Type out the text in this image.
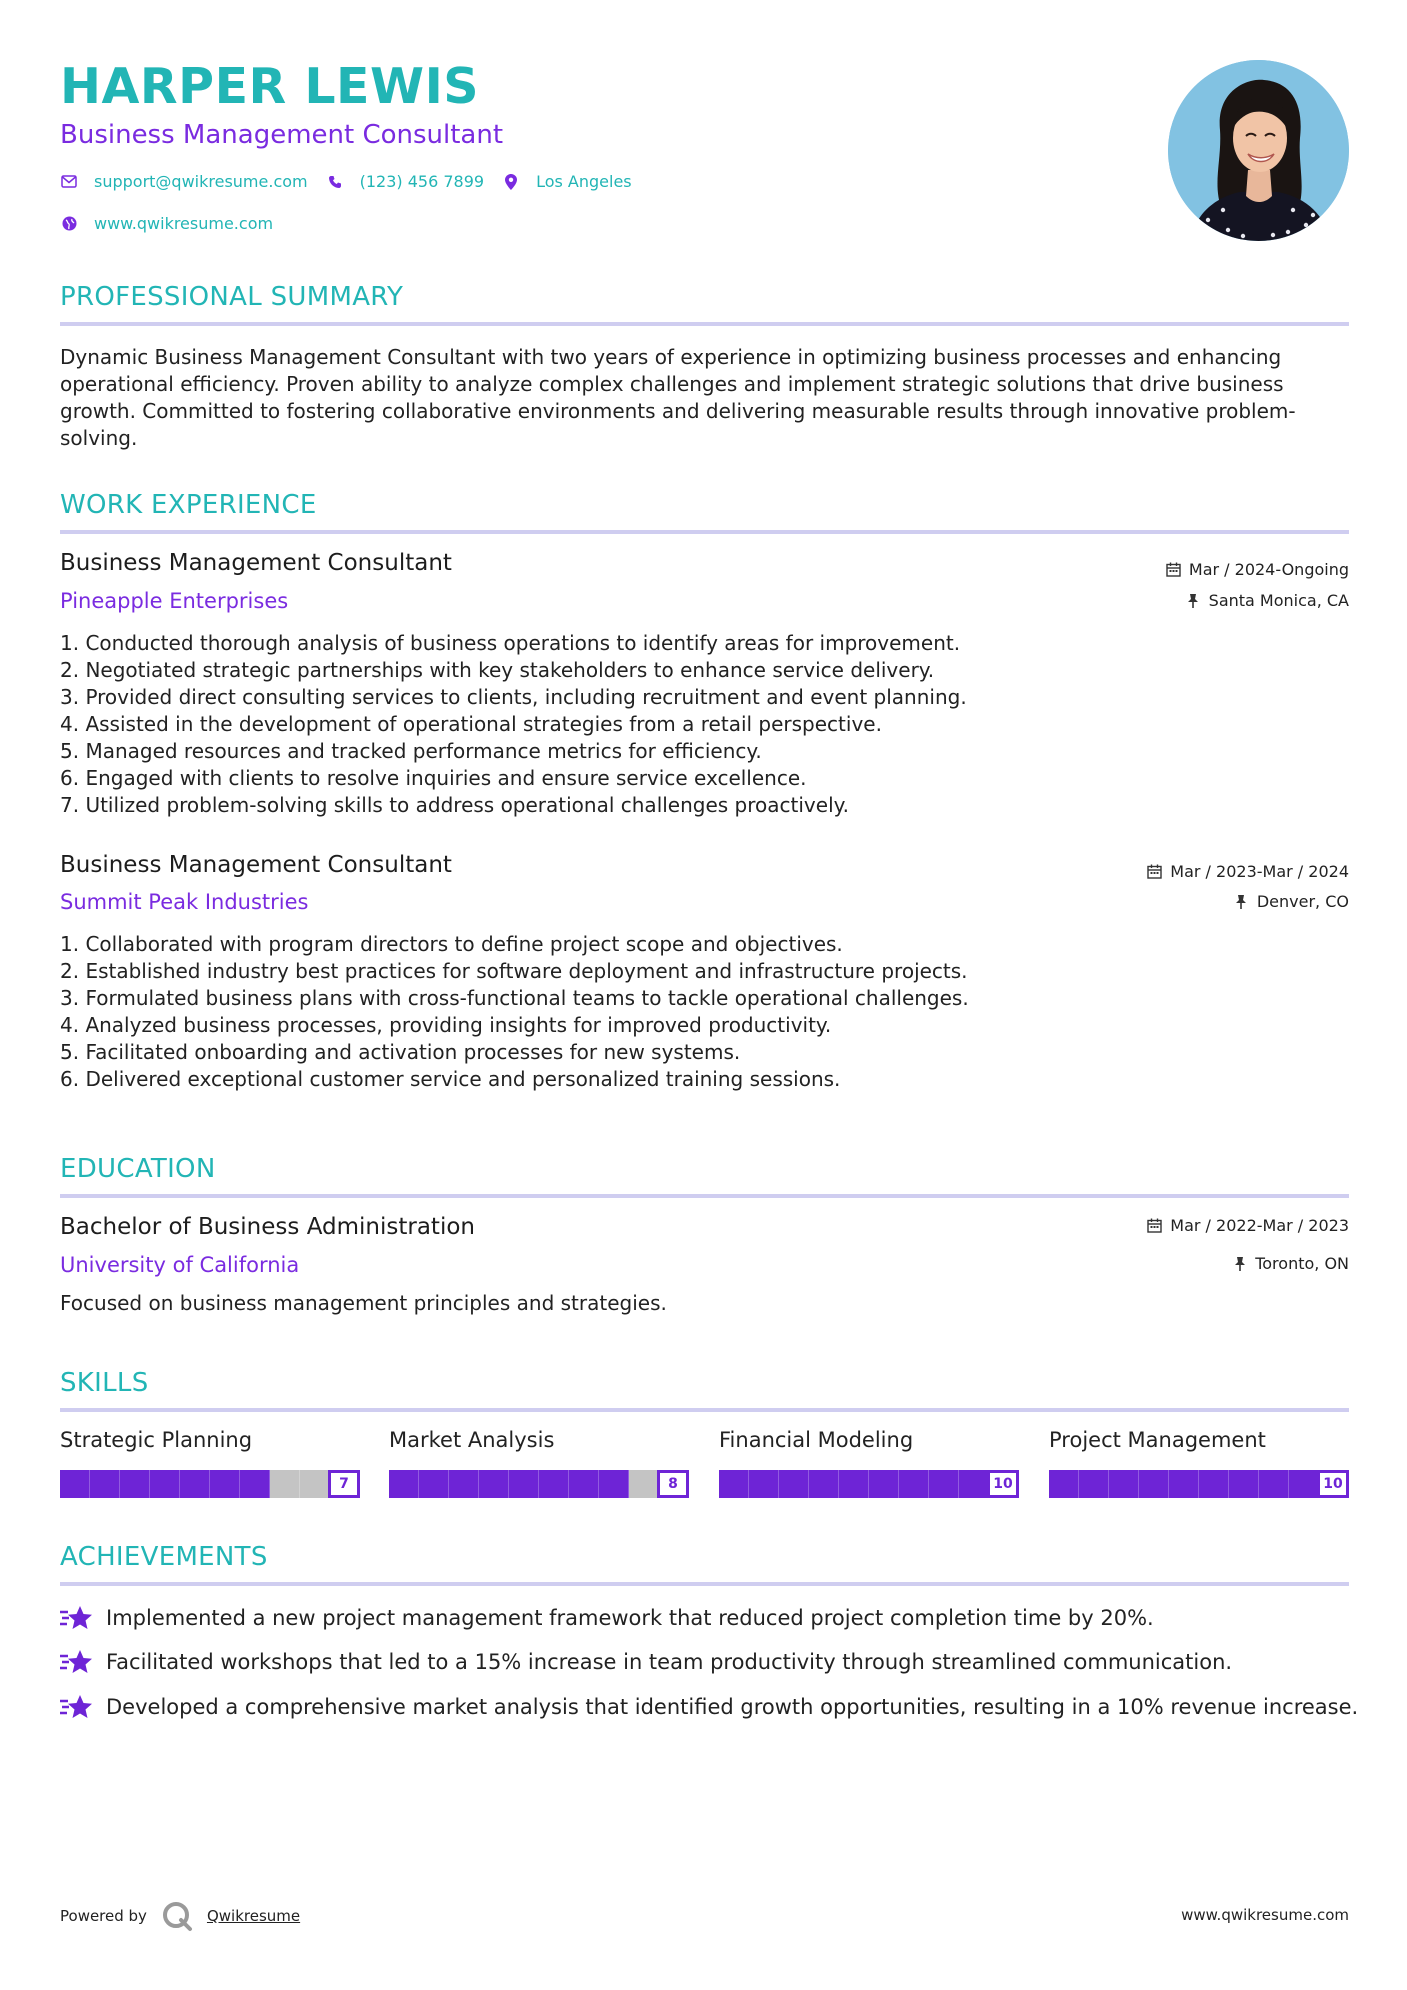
HARPER LEWIS
Business Management Consultant
support@qwikresume.com	(123) 456 7899	Los Angeles
www.qwikresume.com
PROFESSIONAL SUMMARY
Dynamic Business Management Consultant with two years of experience in optimizing business processes and enhancing operational efficiency. Proven ability to analyze complex challenges and implement strategic solutions that drive business growth. Committed to fostering collaborative environments and delivering measurable results through innovative problem-solving.
WORK EXPERIENCE
Business Management Consultant
Pineapple Enterprises
Mar / 2024-Ongoing
Santa Monica, CA
1. Conducted thorough analysis of business operations to identify areas for improvement.
2. Negotiated strategic partnerships with key stakeholders to enhance service delivery.
3. Provided direct consulting services to clients, including recruitment and event planning.
4. Assisted in the development of operational strategies from a retail perspective.
5. Managed resources and tracked performance metrics for efficiency.
6. Engaged with clients to resolve inquiries and ensure service excellence.
7. Utilized problem-solving skills to address operational challenges proactively.
Business Management Consultant
Summit Peak Industries
Mar / 2023-Mar / 2024
Denver, CO
1. Collaborated with program directors to define project scope and objectives.
2. Established industry best practices for software deployment and infrastructure projects.
3. Formulated business plans with cross-functional teams to tackle operational challenges.
4. Analyzed business processes, providing insights for improved productivity.
5. Facilitated onboarding and activation processes for new systems.
6. Delivered exceptional customer service and personalized training sessions.
EDUCATION
Bachelor of Business Administration
University of California
Mar / 2022-Mar / 2023
Toronto, ON
Focused on business management principles and strategies.
SKILLS
Strategic Planning
7
Market Analysis
8
Financial Modeling
10
Project Management
10
ACHIEVEMENTS
Implemented a new project management framework that reduced project completion time by 20%.
Facilitated workshops that led to a 15% increase in team productivity through streamlined communication.
Developed a comprehensive market analysis that identified growth opportunities, resulting in a 10% revenue increase.
Powered by	Qwikresume	www.qwikresume.com
